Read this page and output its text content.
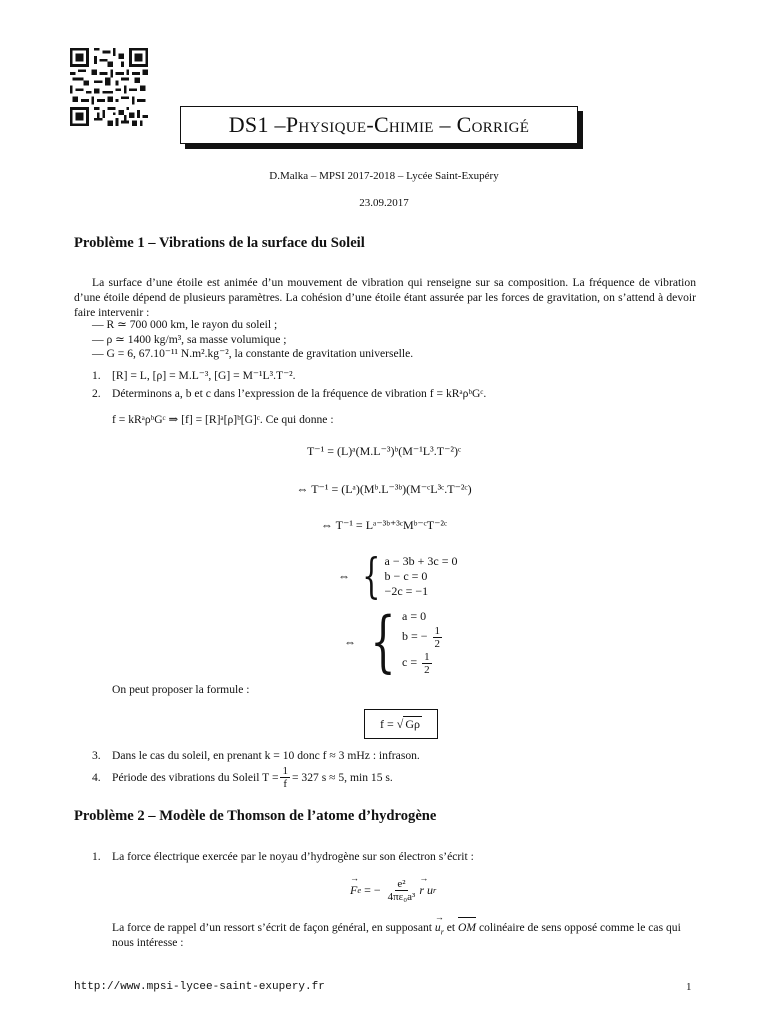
DS1 – Physique-Chimie – Corrigé
D.Malka – MPSI 2017-2018 – Lycée Saint-Exupéry
23.09.2017
Problème 1 – Vibrations de la surface du Soleil
La surface d’une étoile est animée d’un mouvement de vibration qui renseigne sur sa composition. La fréquence de vibration d’une étoile dépend de plusieurs paramètres. La cohésion d’une étoile étant assurée par les forces de gravitation, on s’attend à devoir faire intervenir :
— R ≃ 700 000 km, le rayon du soleil ;
— ρ ≃ 1400 kg/m³, sa masse volumique ;
— G = 6, 67.10⁻¹¹ N.m².kg⁻², la constante de gravitation universelle.
1. [R] = L, [ρ] = M.L⁻³, [G] = M⁻¹L³.T⁻².
2. Déterminons a, b et c dans l’expression de la fréquence de vibration f = kRᵃρᵇGᶜ.
f = kRᵃρᵇGᶜ ⇒ [f] = [R]ᵃ[ρ]ᵇ[G]ᶜ. Ce qui donne :
T⁻¹ = (L)ᵃ(M.L⁻³)ᵇ(M⁻¹L³.T⁻²)ᶜ
⇔ T⁻¹ = (Lᵃ)(Mᵇ.L⁻³ᵇ)(M⁻ᶜL³ᶜ.T⁻²ᶜ)
⇔ T⁻¹ = Lᵃ⁻³ᵇ⁺³ᶜMᵇ⁻ᶜT⁻²ᶜ
⇔ { a − 3b + 3c = 0
b − c = 0
−2c = −1
⇔ { a = 0
b = − $\frac{1}{2}$
$c = \frac{1}{2}$
On peut proposer la formule :
f =
√ Gρ
3. Dans le cas du soleil, en prenant k = 10 donc f ≈ 3 mHz : infrason.
4. Période des vibrations du Soleil $T = \frac{1}{f} = 327$ s ≈ 5, min 15 s.
Problème 2 – Modèle de Thomson de l’atome d’hydrogène
1. La force électrique exercée par le noyau d’hydrogène sur son électron s’écrit :
→ F e = − $\frac{\text{e²}}{\text{4πε₀a³}}$
→ r u r
La force de rappel d’un ressort s’écrit de façon général, en supposant → $u_r$ et OM colinéaire de sens opposé comme le cas qui nous intéresse :
http://www.mpsi-lycee-saint-exupery.fr	1
